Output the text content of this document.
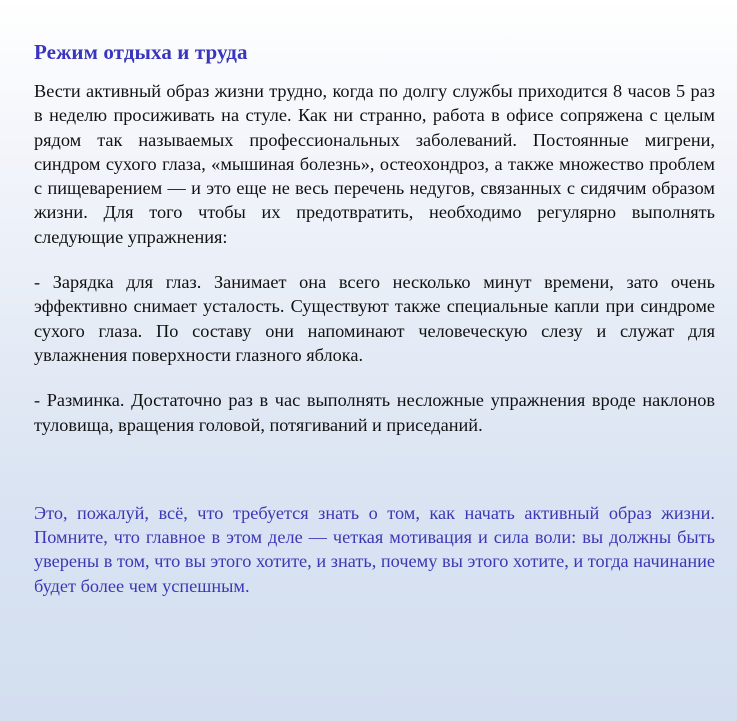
Режим отдыха и труда

Вести активный образ жизни трудно, когда по долгу службы приходится 8 часов 5 раз в неделю просиживать на стуле. Как ни странно, работа в офисе сопряжена с целым рядом так называемых профессиональных заболеваний. Постоянные мигрени, синдром сухого глаза, «мышиная болезнь», остеохондроз, а также множество проблем с пищеварением — и это еще не весь перечень недугов, связанных с сидячим образом жизни. Для того чтобы их предотвратить, необходимо регулярно выполнять следующие упражнения:

- Зарядка для глаз. Занимает она всего несколько минут времени, зато очень эффективно снимает усталость. Существуют также специальные капли при синдроме сухого глаза. По составу они напоминают человеческую слезу и служат для увлажнения поверхности глазного яблока.

- Разминка. Достаточно раз в час выполнять несложные упражнения вроде наклонов туловища, вращения головой, потягиваний и приседаний.

Это, пожалуй, всё, что требуется знать о том, как начать активный образ жизни. Помните, что главное в этом деле — четкая мотивация и сила воли: вы должны быть уверены в том, что вы этого хотите, и знать, почему вы этого хотите, и тогда начинание будет более чем успешным.
